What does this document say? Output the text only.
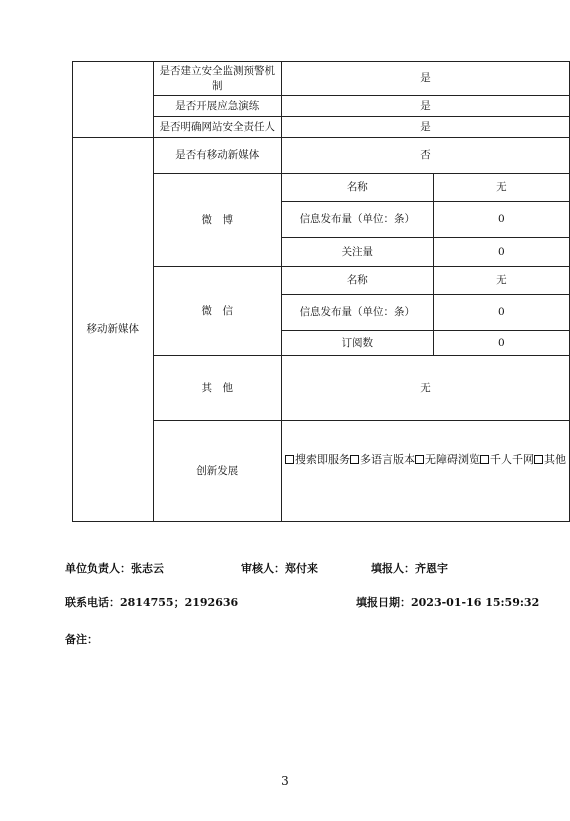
	是否建立安全监测预警机制	是	
	是否开展应急演练	是	
	是否明确网站安全责任人	是	
移动新媒体	是否有移动新媒体	否	
	微　博	名称	无
		信息发布量（单位：条）	0
		关注量	0
	微　信	名称	无
		信息发布量（单位：条）	0
		订阅数	0
	其　他	无	
	创新发展	搜索即服务 多语言版本 无障碍浏览 千人千网 其他	
单位负责人：张志云	审核人：郑付来	填报人：齐恩宇
联系电话：2814755；2192636	填报日期：2023-01-16 15:59:32
备注：
3
